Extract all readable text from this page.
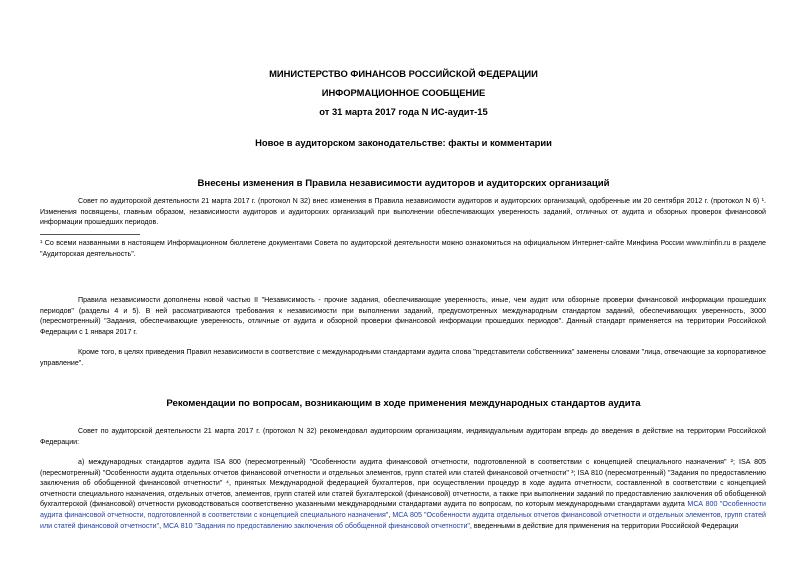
МИНИСТЕРСТВО ФИНАНСОВ РОССИЙСКОЙ ФЕДЕРАЦИИ
ИНФОРМАЦИОННОЕ СООБЩЕНИЕ
от 31 марта 2017 года N ИС-аудит-15
Новое в аудиторском законодательстве: факты и комментарии
Внесены изменения в Правила независимости аудиторов и аудиторских организаций
Совет по аудиторской деятельности 21 марта 2017 г. (протокол N 32) внес изменения в Правила независимости аудиторов и аудиторских организаций, одобренные им 20 сентября 2012 г. (протокол N 6) ¹. Изменения посвящены, главным образом, независимости аудиторов и аудиторских организаций при выполнении обеспечивающих уверенность заданий, отличных от аудита и обзорных проверок финансовой информации прошедших периодов.
¹ Со всеми названными в настоящем Информационном бюллетене документами Совета по аудиторской деятельности можно ознакомиться на официальном Интернет-сайте Минфина России www.minfin.ru в разделе "Аудиторская деятельность".
Правила независимости дополнены новой частью II "Независимость - прочие задания, обеспечивающие уверенность, иные, чем аудит или обзорные проверки финансовой информации прошедших периодов" (разделы 4 и 5). В ней рассматриваются требования к независимости при выполнении заданий, предусмотренных международным стандартом заданий, обеспечивающих уверенность, 3000 (пересмотренный) "Задания, обеспечивающие уверенность, отличные от аудита и обзорной проверки финансовой информации прошедших периодов". Данный стандарт применяется на территории Российской Федерации с 1 января 2017 г.
Кроме того, в целях приведения Правил независимости в соответствие с международными стандартами аудита слова "представители собственника" заменены словами "лица, отвечающие за корпоративное управление".
Рекомендации по вопросам, возникающим в ходе применения международных стандартов аудита
Совет по аудиторской деятельности 21 марта 2017 г. (протокол N 32) рекомендовал аудиторским организациям, индивидуальным аудиторам впредь до введения в действие на территории Российской Федерации:
а) международных стандартов аудита ISA 800 (пересмотренный) "Особенности аудита финансовой отчетности, подготовленной в соответствии с концепцией специального назначения" ²; ISA 805 (пересмотренный) "Особенности аудита отдельных отчетов финансовой отчетности и отдельных элементов, групп статей или статей финансовой отчетности" ³; ISA 810 (пересмотренный) "Задания по предоставлению заключения об обобщенной финансовой отчетности" ⁴, принятых Международной федерацией бухгалтеров, при осуществлении процедур в ходе аудита отчетности, составленной в соответствии с концепцией отчетности специального назначения, отдельных отчетов, элементов, групп статей или статей бухгалтерской (финансовой) отчетности, а также при выполнении заданий по предоставлению заключения об обобщенной бухгалтерской (финансовой) отчетности руководствоваться соответственно указанными международными стандартами аудита по вопросам, по которым международными стандартами аудита МСА 800 "Особенности аудита финансовой отчетности, подготовленной в соответствии с концепцией специального назначения", МСА 805 "Особенности аудита отдельных отчетов финансовой отчетности и отдельных элементов, групп статей или статей финансовой отчетности", МСА 810 "Задания по предоставлению заключения об обобщенной финансовой отчетности", введенными в действие для применения на территории Российской Федерации
